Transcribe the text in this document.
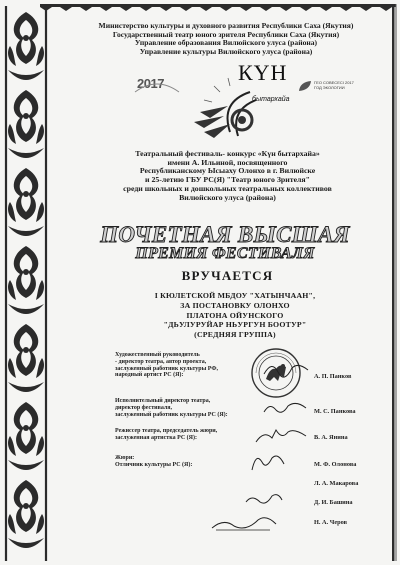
Министерство культуры и духовного развития Республики Саха (Якутия)
Государственный театр юного зрителя Республики Саха (Якутия)
Управление образования Вилюйского улуса (района)
Управление культуры Вилюйского улуса (района)
2017	КҮН
бытархайа
ГЕО СОВЕСЕСІ 2017
ГОД ЭКОЛОГИИ
Театральный фестиваль- конкурс «Күн бытархайа»
имени А. Ильиной, посвященного
Республиканскому Ысыаху Олонхо в г. Вилюйске
и 25-летию ГБУ РС(Я) "Театр юного Зрителя"
среди школьных и дошкольных театральных коллективов
Вилюйского улуса (района)
ПОЧЕТНАЯ ВЫСШАЯ
ПРЕМИЯ ФЕСТИВАЛЯ
ВРУЧАЕТСЯ
I КЮЛЕТСКОЙ МБДОУ "ХАТЫНЧААН",
ЗА ПОСТАНОВКУ ОЛОНХО
ПЛАТОНА ОЙУНСКОГО
"ДЬУЛУРУЙАР НЬУРГУН БООТУР"
(СРЕДНЯЯ ГРУППА)
Художественный руководитель
- директор театра, автор проекта,
заслуженный работник культуры РФ,
народный артист РС (Я):	А. П. Панков
Исполнительный директор театра,
директор фестиваля,
заслуженный работник культуры РС (Я):	М. С. Панкова
Режиссер театра, председатель жюри,
заслуженная артистка РС (Я):	В. А. Янина
Жюри:
Отличник культуры РС (Я):	М. Ф. Олонова
Л. А. Макарова
Д. И. Башина
Н. А. Черов
